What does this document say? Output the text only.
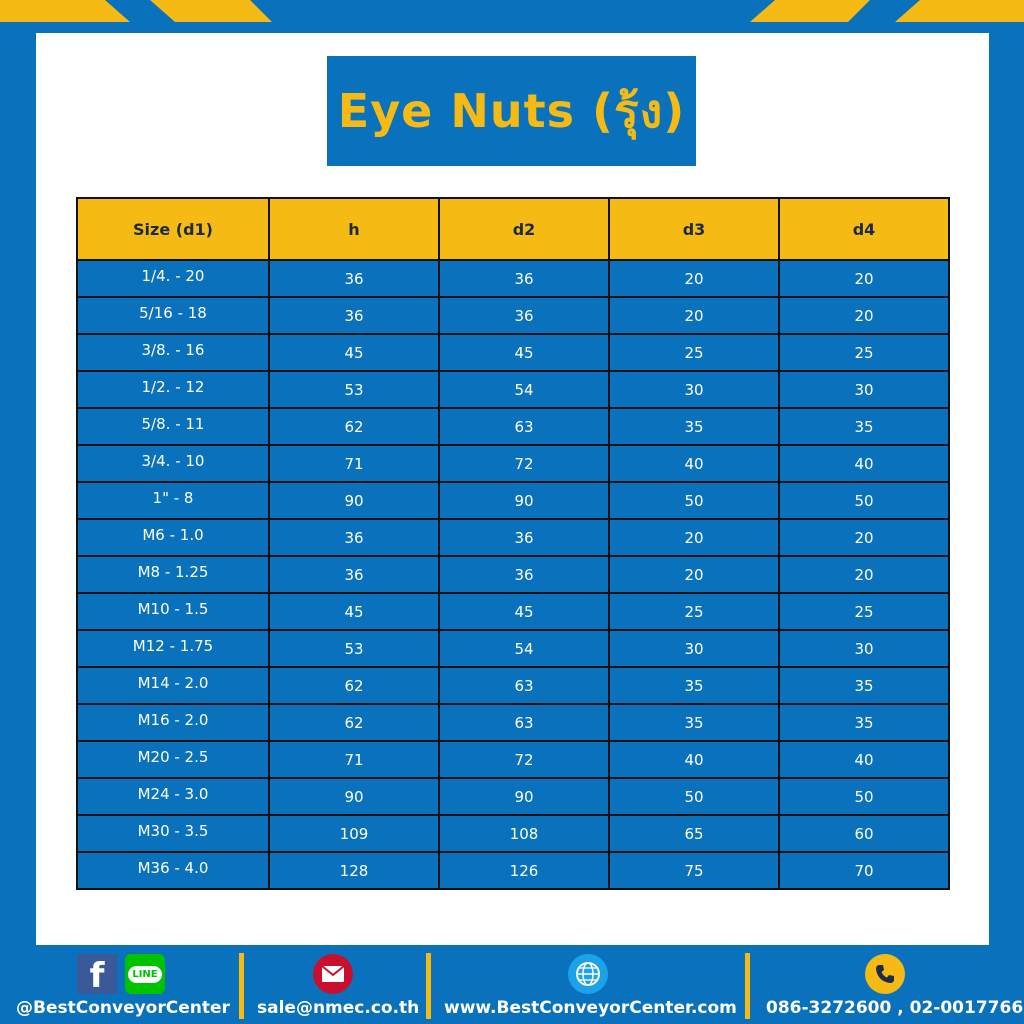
Eye Nuts (รุ้ง)
Size (d1)	h	d2	d3	d4
1/4. - 20	36	36	20	20
5/16 - 18	36	36	20	20
3/8. - 16	45	45	25	25
1/2. - 12	53	54	30	30
5/8. - 11	62	63	35	35
3/4. - 10	71	72	40	40
1" - 8	90	90	50	50
M6 - 1.0	36	36	20	20
M8 - 1.25	36	36	20	20
M10 - 1.5	45	45	25	25
M12 - 1.75	53	54	30	30
M14 - 2.0	62	63	35	35
M16 - 2.0	62	63	35	35
M20 - 2.5	71	72	40	40
M24 - 3.0	90	90	50	50
M30 - 3.5	109	108	65	60
M36 - 4.0	128	126	75	70
f	LINE
@BestConveyorCenter sale@nmec.co.th www.BestConveyorCenter.com 086-3272600 , 02-0017766
